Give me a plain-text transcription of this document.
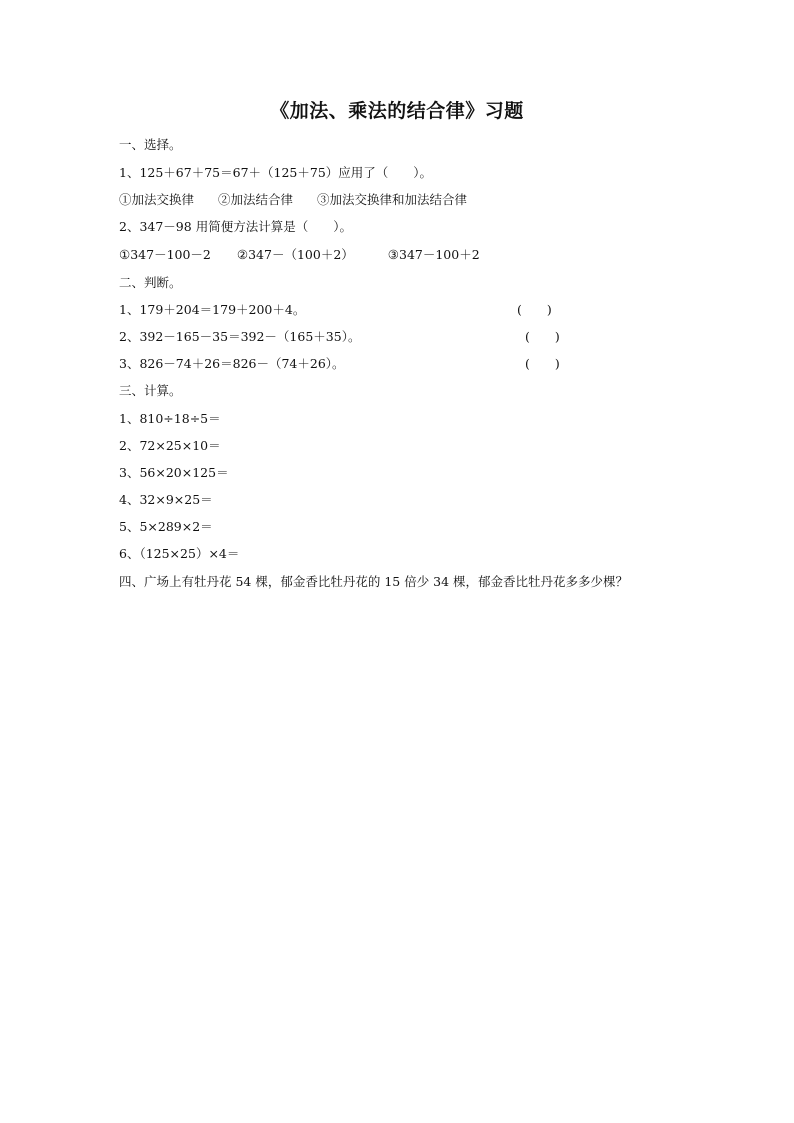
《加法、乘法的结合律》习题
一、选择。
1、125＋67＋75＝67＋（125＋75）应用了（　　）。
①加法交换律 ②加法结合律 ③加法交换律和加法结合律
2、347－98 用简便方法计算是（　　）。
①347－100－2 ②347－（100＋2）	③347－100＋2
二、判断。
1、179＋204＝179＋200＋4。	(　　)
2、392－165－35＝392－（165＋35）。	(　　)
3、826－74＋26＝826－（74＋26）。	(　　)
三、计算。
1、810÷18÷5＝
2、72×25×10＝
3、56×20×125＝
4、32×9×25＝
5、5×289×2＝
6、（125×25）×4＝
四、广场上有牡丹花 54 棵，郁金香比牡丹花的 15 倍少 34 棵，郁金香比牡丹花多多少棵？
